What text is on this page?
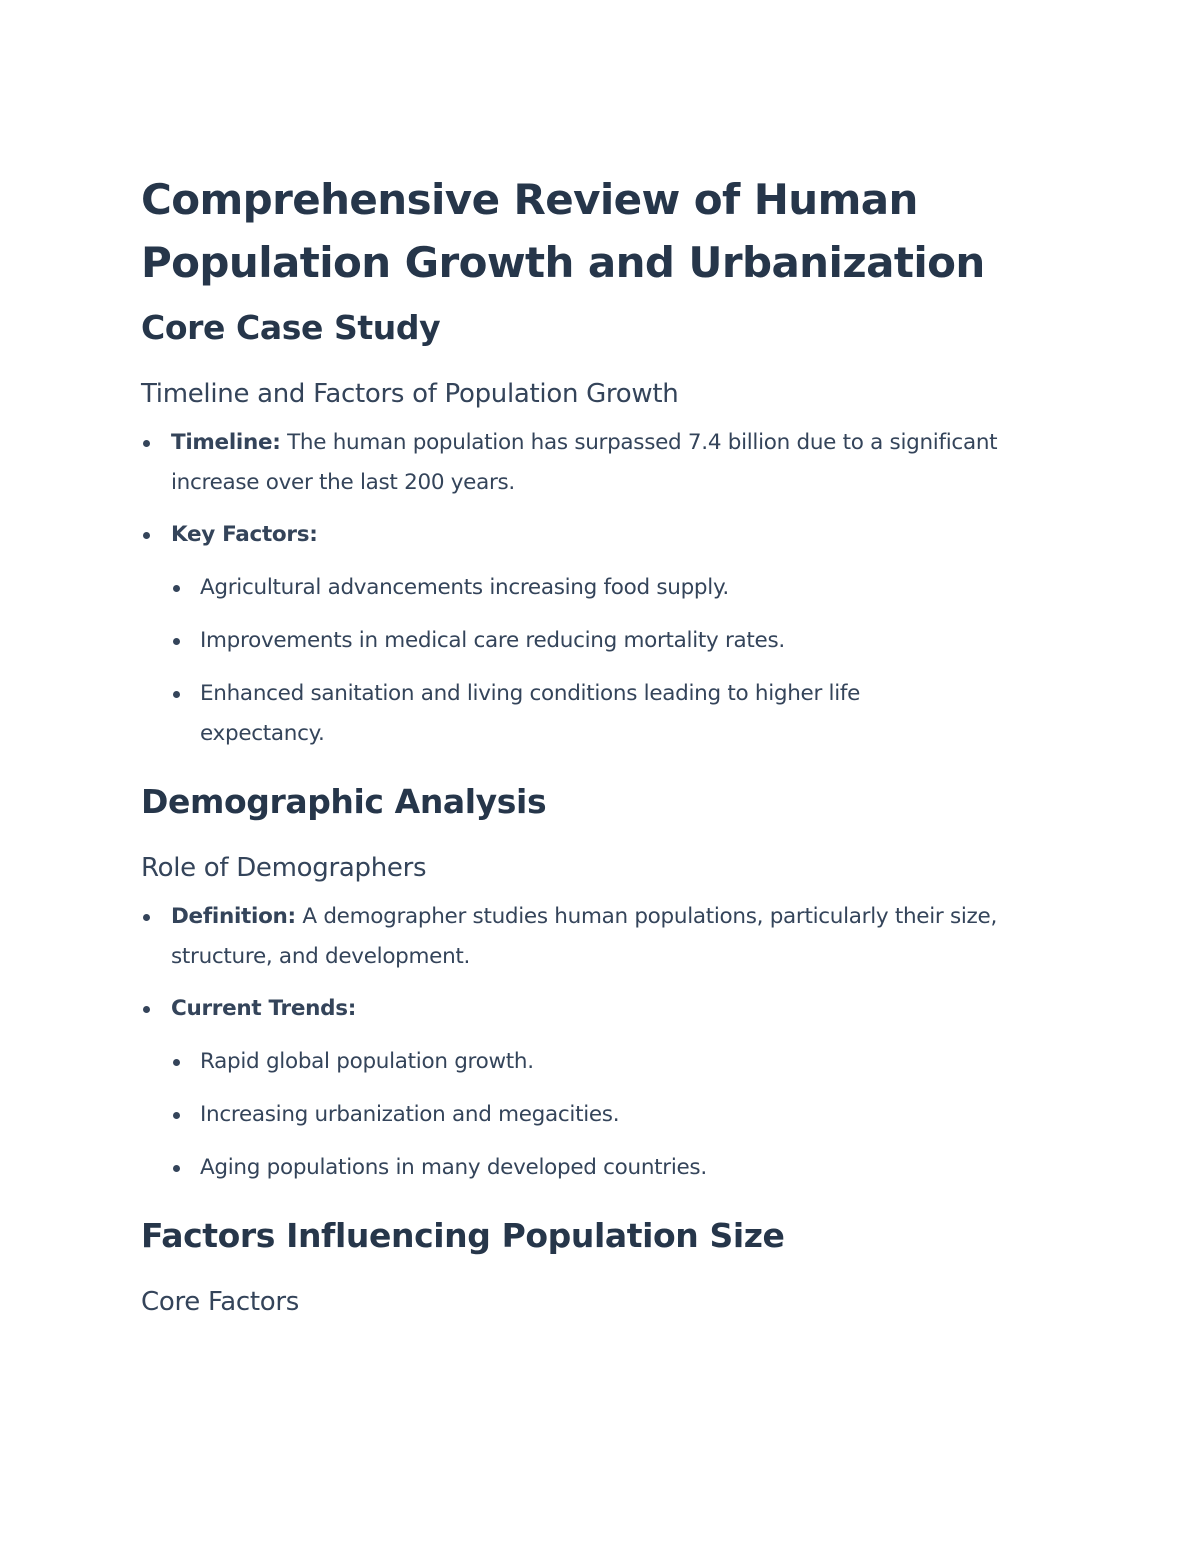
Comprehensive Review of Human Population Growth and Urbanization
Core Case Study
Timeline and Factors of Population Growth
Timeline: The human population has surpassed 7.4 billion due to a significant increase over the last 200 years.
Key Factors:
Agricultural advancements increasing food supply.
Improvements in medical care reducing mortality rates.
Enhanced sanitation and living conditions leading to higher life expectancy.
Demographic Analysis
Role of Demographers
Definition: A demographer studies human populations, particularly their size, structure, and development.
Current Trends:
Rapid global population growth.
Increasing urbanization and megacities.
Aging populations in many developed countries.
Factors Influencing Population Size
Core Factors
